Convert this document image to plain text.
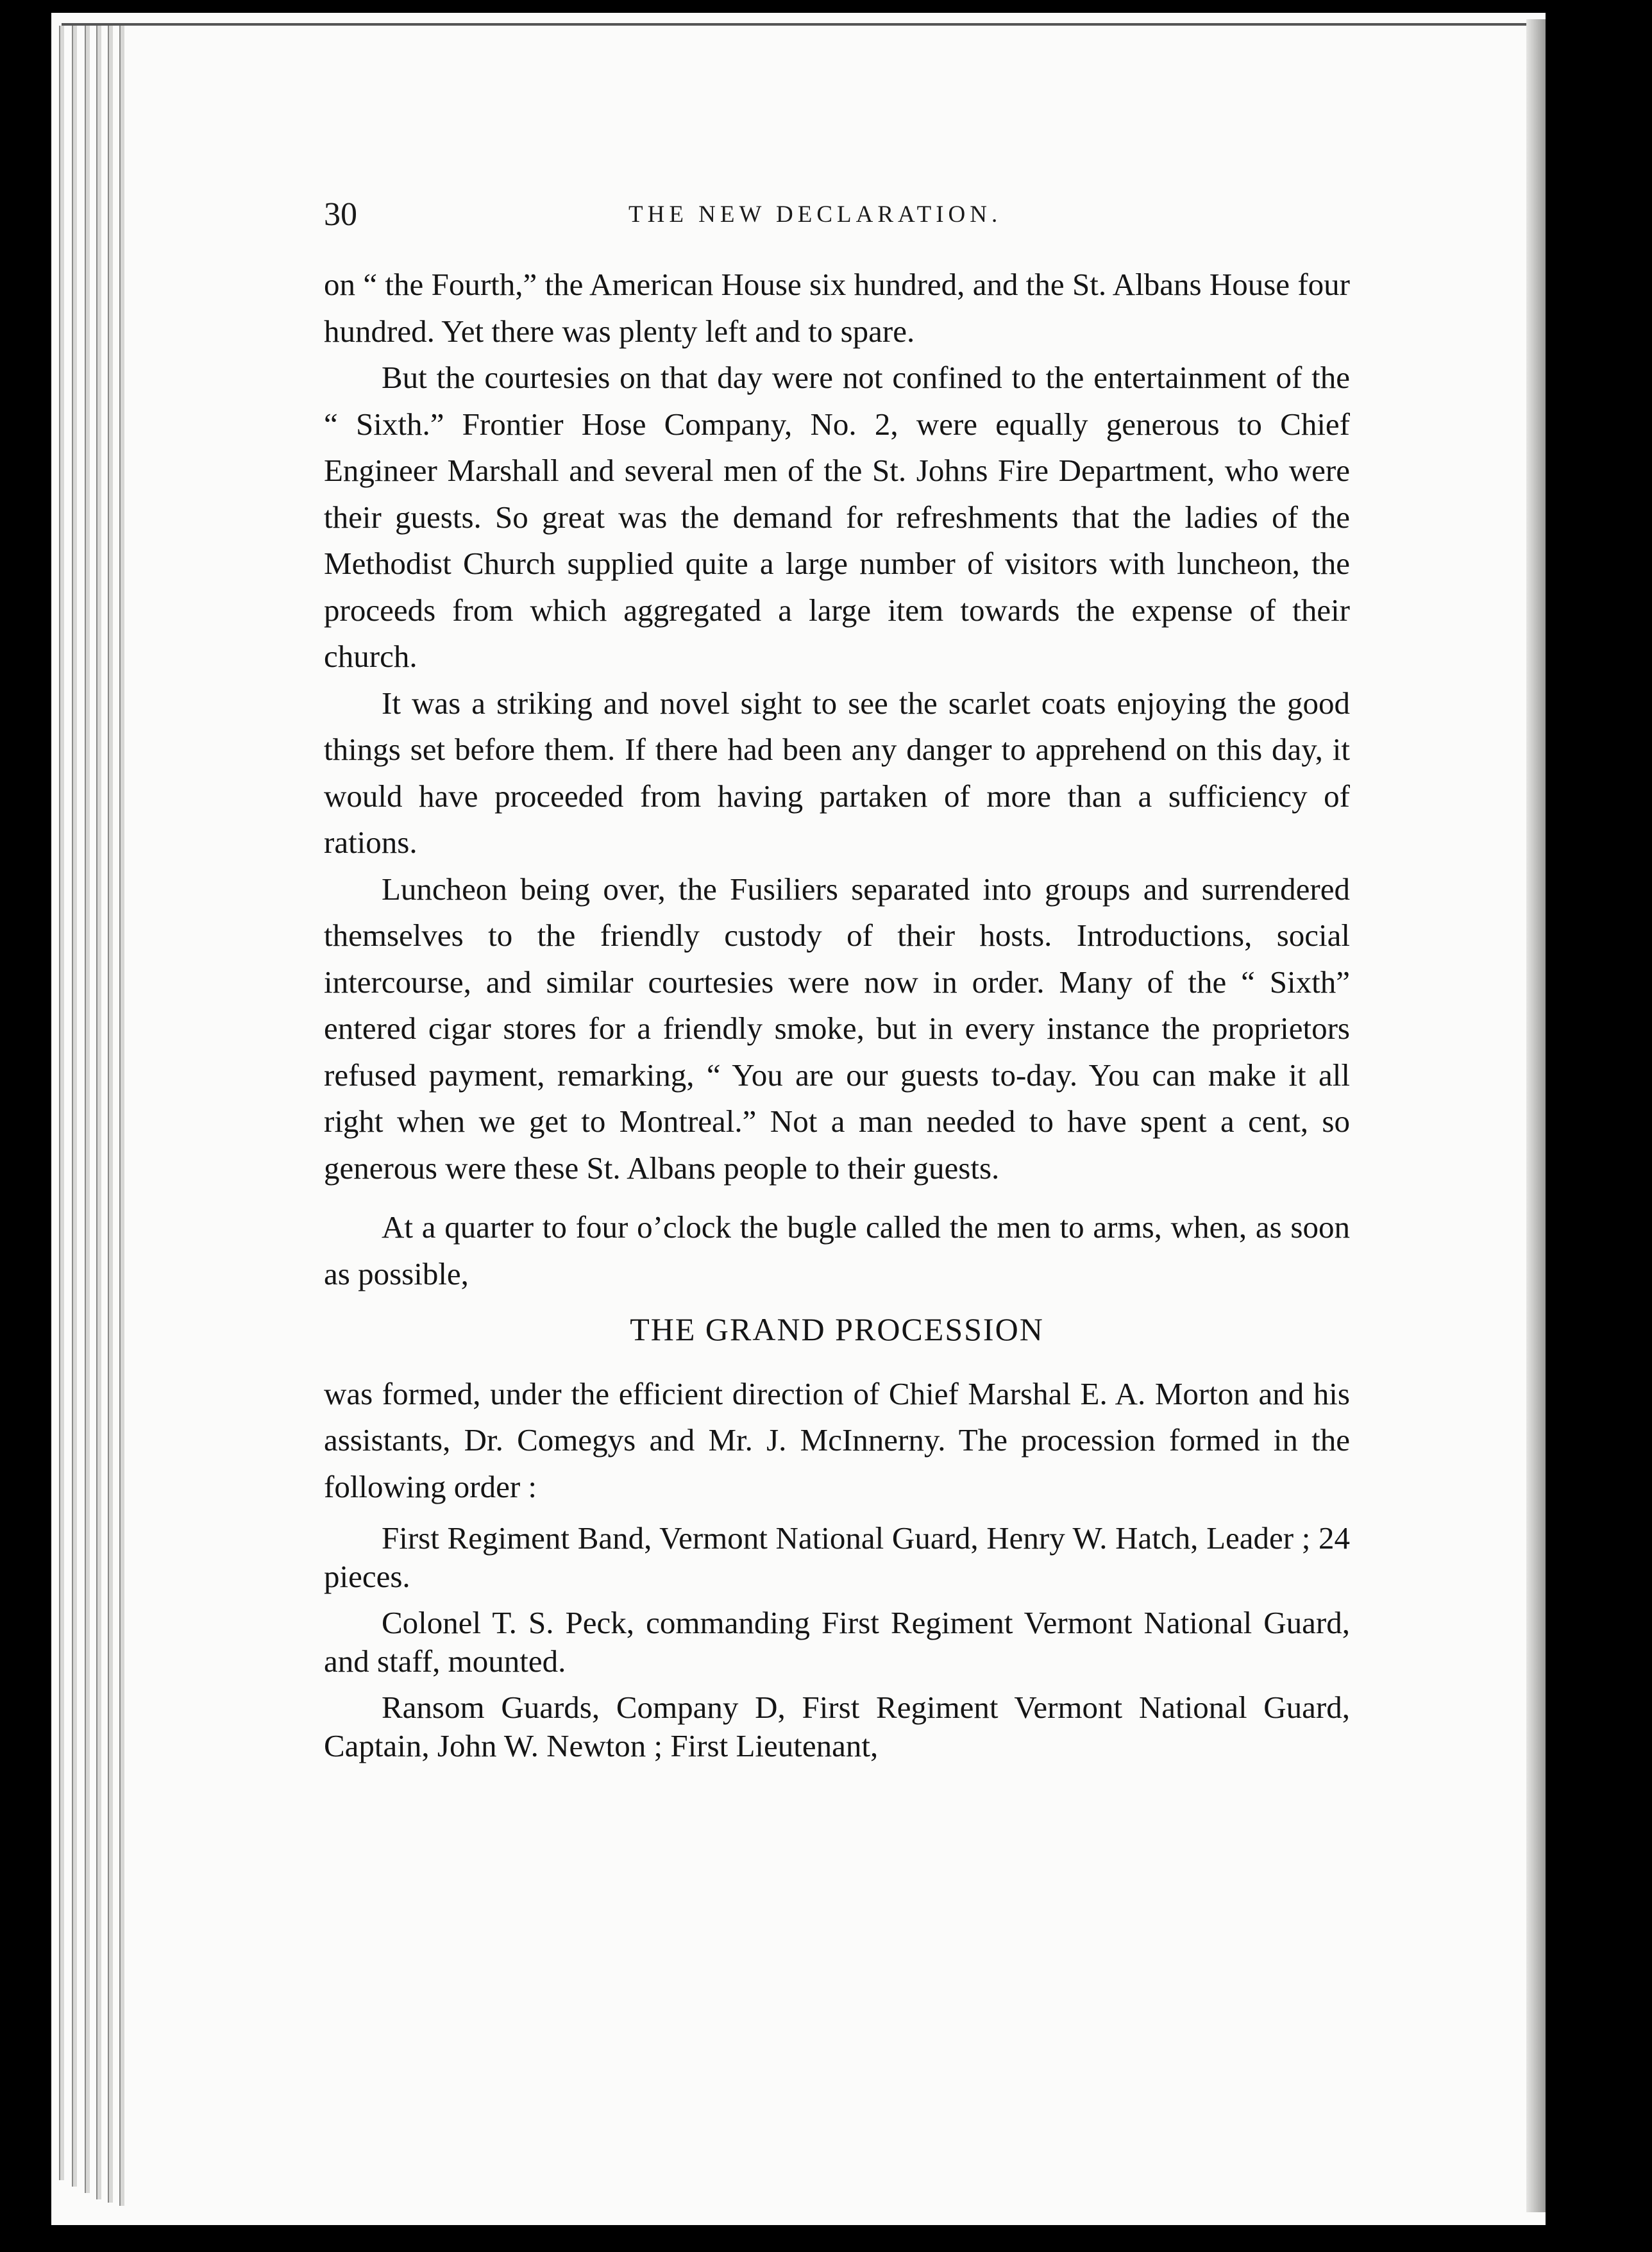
30	THE NEW DECLARATION.

on “ the Fourth,” the American House six hundred, and the St. Albans House four hundred. Yet there was plenty left and to spare.

But the courtesies on that day were not confined to the entertainment of the “ Sixth.” Frontier Hose Company, No. 2, were equally generous to Chief Engineer Marshall and several men of the St. Johns Fire Department, who were their guests. So great was the demand for refreshments that the ladies of the Methodist Church supplied quite a large number of visitors with luncheon, the proceeds from which aggregated a large item towards the expense of their church.

It was a striking and novel sight to see the scarlet coats enjoying the good things set before them. If there had been any danger to apprehend on this day, it would have proceeded from having partaken of more than a sufficiency of rations.

Luncheon being over, the Fusiliers separated into groups and surrendered themselves to the friendly custody of their hosts. Introductions, social intercourse, and similar courtesies were now in order. Many of the “ Sixth” entered cigar stores for a friendly smoke, but in every instance the proprietors refused payment, remarking, “ You are our guests to-day. You can make it all right when we get to Montreal.” Not a man needed to have spent a cent, so generous were these St. Albans people to their guests.

At a quarter to four o’clock the bugle called the men to arms, when, as soon as possible,

THE GRAND PROCESSION

was formed, under the efficient direction of Chief Marshal E. A. Morton and his assistants, Dr. Comegys and Mr. J. McInnerny. The procession formed in the following order :

First Regiment Band, Vermont National Guard, Henry W. Hatch, Leader ; 24 pieces.

Colonel T. S. Peck, commanding First Regiment Vermont National Guard, and staff, mounted.

Ransom Guards, Company D, First Regiment Vermont National Guard, Captain, John W. Newton ; First Lieutenant,
